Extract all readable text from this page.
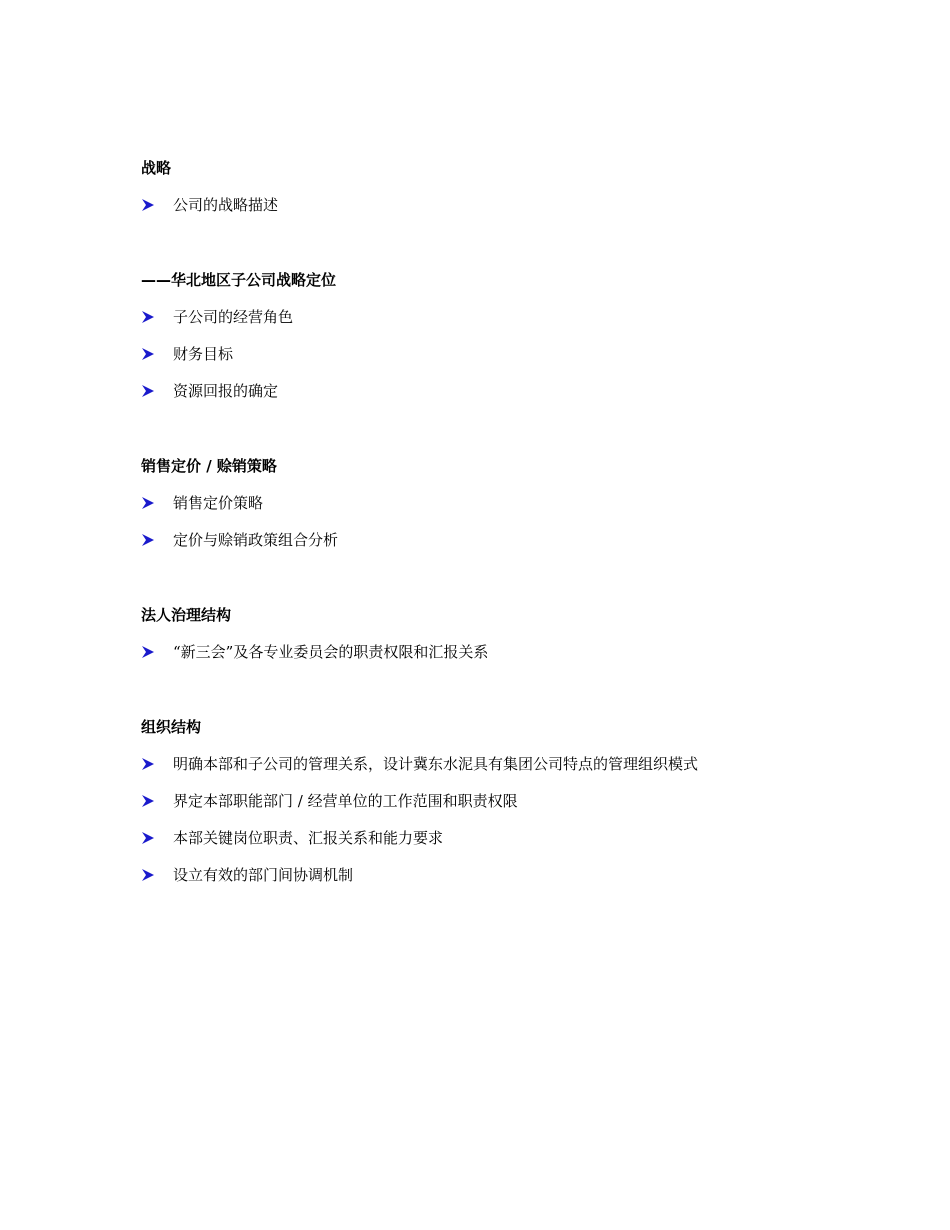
战略
公司的战略描述
——华北地区子公司战略定位
子公司的经营角色
财务目标
资源回报的确定
销售定价 / 赊销策略
销售定价策略
定价与赊销政策组合分析
法人治理结构
“新三会”及各专业委员会的职责权限和汇报关系
组织结构
明确本部和子公司的管理关系，设计冀东水泥具有集团公司特点的管理组织模式
界定本部职能部门 / 经营单位的工作范围和职责权限
本部关键岗位职责、汇报关系和能力要求
设立有效的部门间协调机制
